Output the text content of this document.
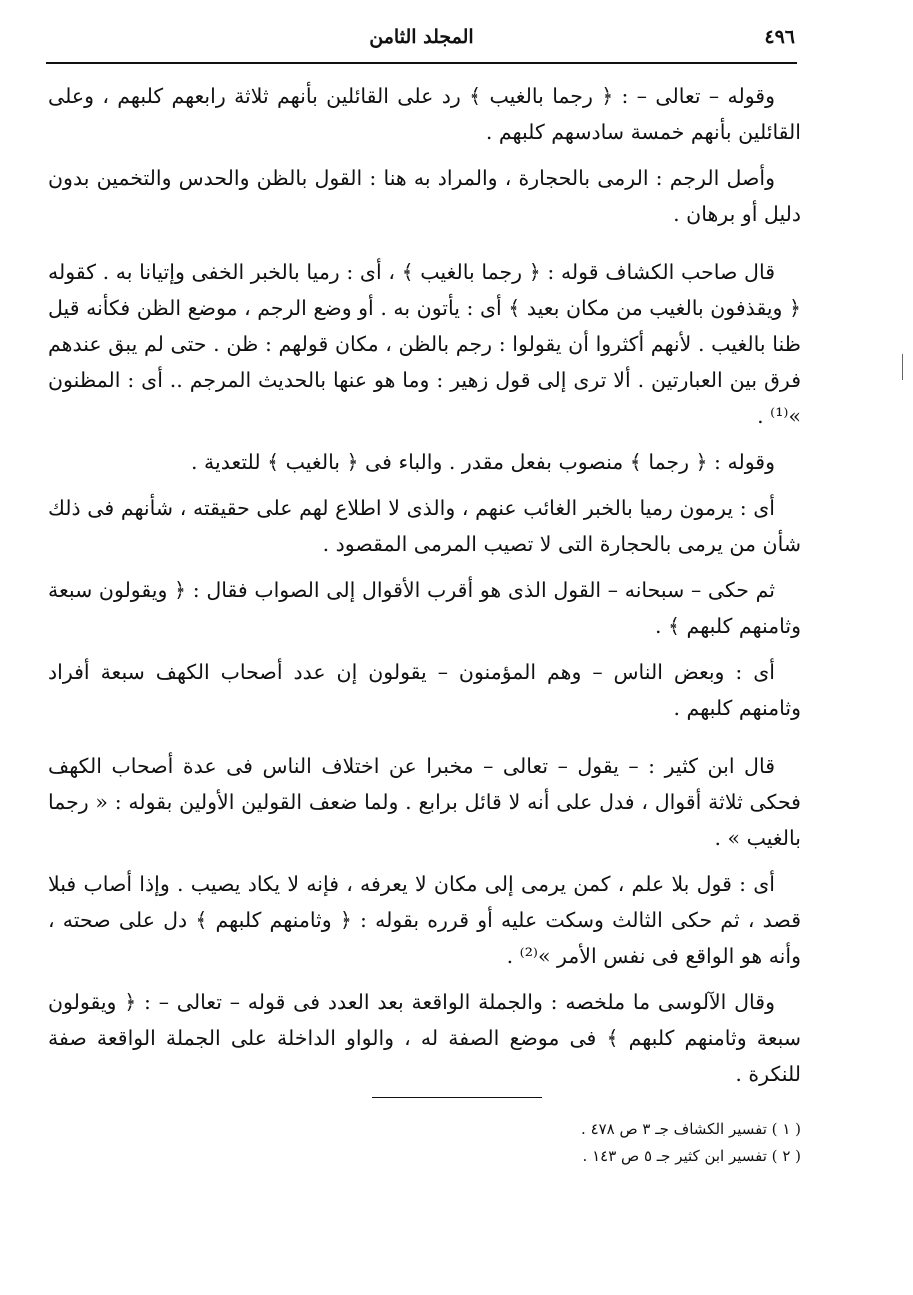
٤٩٦
المجلد الثامن

وقوله – تعالى – : ﴿ رجما بالغيب ﴾ رد على القائلين بأنهم ثلاثة رابعهم كلبهم ، وعلى القائلين بأنهم خمسة سادسهم كلبهم .

وأصل الرجم : الرمى بالحجارة ، والمراد به هنا : القول بالظن والحدس والتخمين بدون دليل أو برهان .

قال صاحب الكشاف قوله : ﴿ رجما بالغيب ﴾ ، أى : رميا بالخبر الخفى وإتيانا به . كقوله ﴿ ويقذفون بالغيب من مكان بعيد ﴾ أى : يأتون به . أو وضع الرجم ، موضع الظن فكأنه قيل ظنا بالغيب . لأنهم أكثروا أن يقولوا : رجم بالظن ، مكان قولهم : ظن . حتى لم يبق عندهم فرق بين العبارتين . ألا ترى إلى قول زهير : وما هو عنها بالحديث المرجم .. أى : المظنون »⁽¹⁾ .

وقوله : ﴿ رجما ﴾ منصوب بفعل مقدر . والباء فى ﴿ بالغيب ﴾ للتعدية .

أى : يرمون رميا بالخبر الغائب عنهم ، والذى لا اطلاع لهم على حقيقته ، شأنهم فى ذلك شأن من يرمى بالحجارة التى لا تصيب المرمى المقصود .

ثم حكى – سبحانه – القول الذى هو أقرب الأقوال إلى الصواب فقال : ﴿ ويقولون سبعة وثامنهم كلبهم ﴾ .

أى : وبعض الناس – وهم المؤمنون – يقولون إن عدد أصحاب الكهف سبعة أفراد وثامنهم كلبهم .

قال ابن كثير : – يقول – تعالى – مخبرا عن اختلاف الناس فى عدة أصحاب الكهف فحكى ثلاثة أقوال ، فدل على أنه لا قائل برابع . ولما ضعف القولين الأولين بقوله : « رجما بالغيب » .

أى : قول بلا علم ، كمن يرمى إلى مكان لا يعرفه ، فإنه لا يكاد يصيب . وإذا أصاب فبلا قصد ، ثم حكى الثالث وسكت عليه أو قرره بقوله : ﴿ وثامنهم كلبهم ﴾ دل على صحته ، وأنه هو الواقع فى نفس الأمر »⁽²⁾ .

وقال الآلوسى ما ملخصه : والجملة الواقعة بعد العدد فى قوله – تعالى – : ﴿ ويقولون سبعة وثامنهم كلبهم ﴾ فى موضع الصفة له ، والواو الداخلة على الجملة الواقعة صفة للنكرة .

( ١ ) تفسير الكشاف جـ ٣ ص ٤٧٨ .

( ٢ ) تفسير ابن كثير جـ ٥ ص ١٤٣ .
